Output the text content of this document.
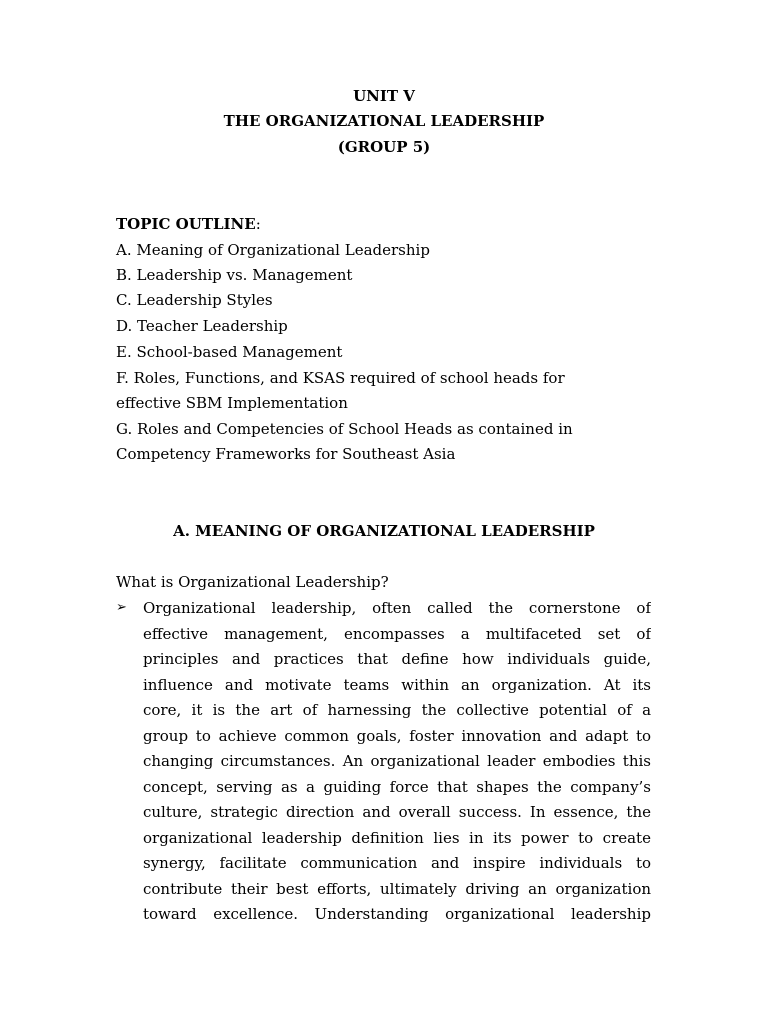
UNIT V
THE ORGANIZATIONAL LEADERSHIP
(GROUP 5)
TOPIC OUTLINE:
A. Meaning of Organizational Leadership
B. Leadership vs. Management
C. Leadership Styles
D. Teacher Leadership
E. School-based Management
F. Roles, Functions, and KSAS required of school heads for
effective SBM Implementation
G. Roles and Competencies of School Heads as contained in
Competency Frameworks for Southeast Asia
A. MEANING OF ORGANIZATIONAL LEADERSHIP
What is Organizational Leadership?
➢ Organizational leadership, often called the cornerstone of
effective management, encompasses a multifaceted set of
principles and practices that define how individuals guide,
influence and motivate teams within an organization. At its
core, it is the art of harnessing the collective potential of a
group to achieve common goals, foster innovation and adapt to
changing circumstances. An organizational leader embodies this
concept, serving as a guiding force that shapes the company’s
culture, strategic direction and overall success. In essence, the
organizational leadership definition lies in its power to create
synergy, facilitate communication and inspire individuals to
contribute their best efforts, ultimately driving an organization
toward excellence. Understanding organizational leadership
